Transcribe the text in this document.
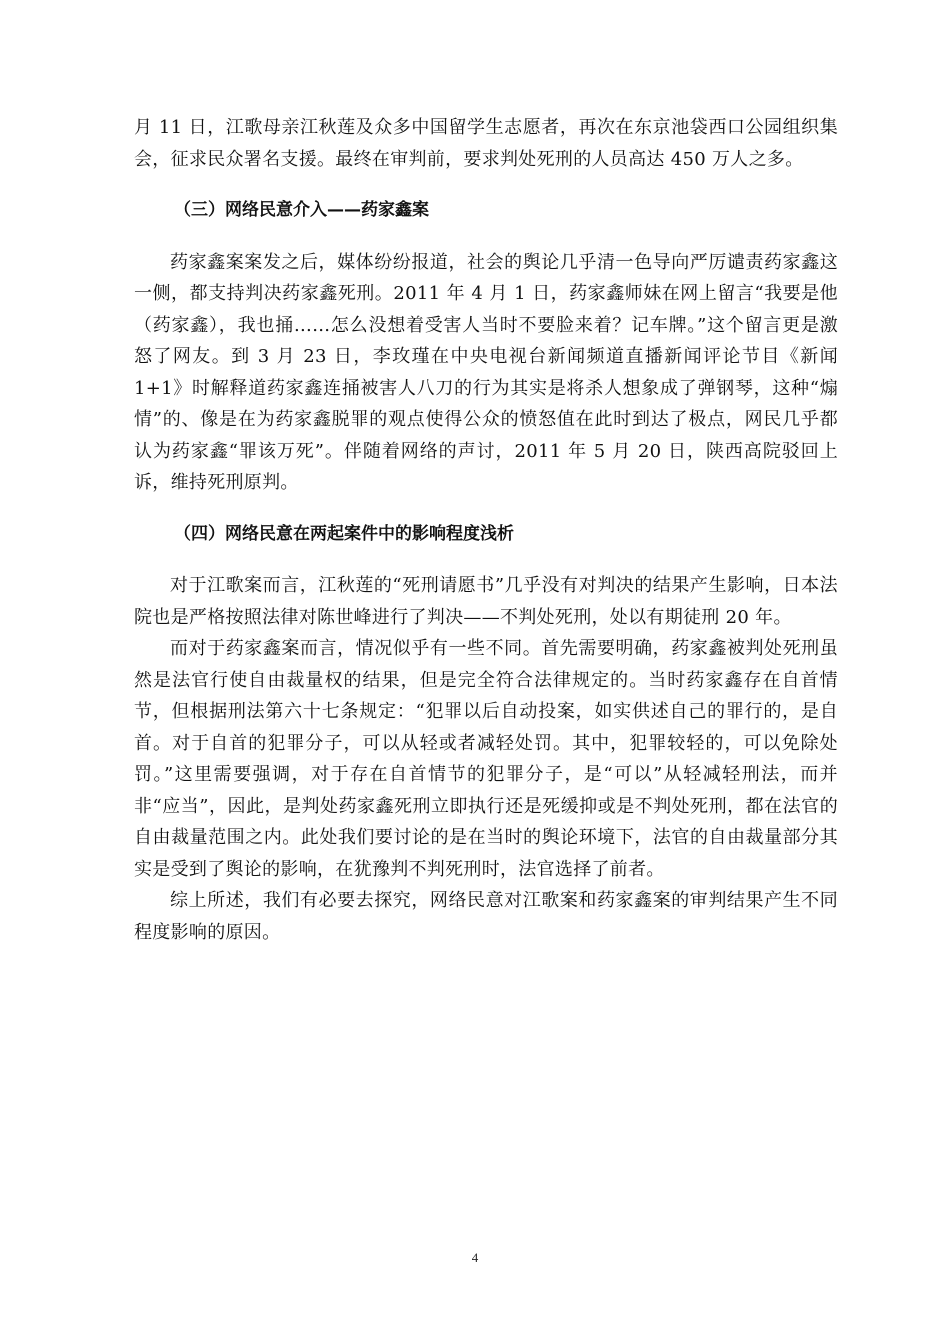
月 11 日，江歌母亲江秋莲及众多中国留学生志愿者，再次在东京池袋西口公园组织集会，征求民众署名支援。最终在审判前，要求判处死刑的人员高达 450 万人之多。

（三）网络民意介入——药家鑫案

药家鑫案案发之后，媒体纷纷报道，社会的舆论几乎清一色导向严厉谴责药家鑫这一侧，都支持判决药家鑫死刑。2011 年 4 月 1 日，药家鑫师妹在网上留言“我要是他（药家鑫），我也捅……怎么没想着受害人当时不要脸来着？记车牌。”这个留言更是激怒了网友。到 3 月 23 日，李玫瑾在中央电视台新闻频道直播新闻评论节目《新闻 1+1》时解释道药家鑫连捅被害人八刀的行为其实是将杀人想象成了弹钢琴，这种“煽情”的、像是在为药家鑫脱罪的观点使得公众的愤怒值在此时到达了极点，网民几乎都认为药家鑫“罪该万死”。伴随着网络的声讨，2011 年 5 月 20 日，陕西高院驳回上诉，维持死刑原判。

（四）网络民意在两起案件中的影响程度浅析

对于江歌案而言，江秋莲的“死刑请愿书”几乎没有对判决的结果产生影响，日本法院也是严格按照法律对陈世峰进行了判决——不判处死刑，处以有期徒刑 20 年。

而对于药家鑫案而言，情况似乎有一些不同。首先需要明确，药家鑫被判处死刑虽然是法官行使自由裁量权的结果，但是完全符合法律规定的。当时药家鑫存在自首情节，但根据刑法第六十七条规定：“犯罪以后自动投案，如实供述自己的罪行的，是自首。对于自首的犯罪分子，可以从轻或者减轻处罚。其中，犯罪较轻的，可以免除处罚。”这里需要强调，对于存在自首情节的犯罪分子，是“可以”从轻减轻刑法，而并非“应当”，因此，是判处药家鑫死刑立即执行还是死缓抑或是不判处死刑，都在法官的自由裁量范围之内。此处我们要讨论的是在当时的舆论环境下，法官的自由裁量部分其实是受到了舆论的影响，在犹豫判不判死刑时，法官选择了前者。

综上所述，我们有必要去探究，网络民意对江歌案和药家鑫案的审判结果产生不同程度影响的原因。

4
